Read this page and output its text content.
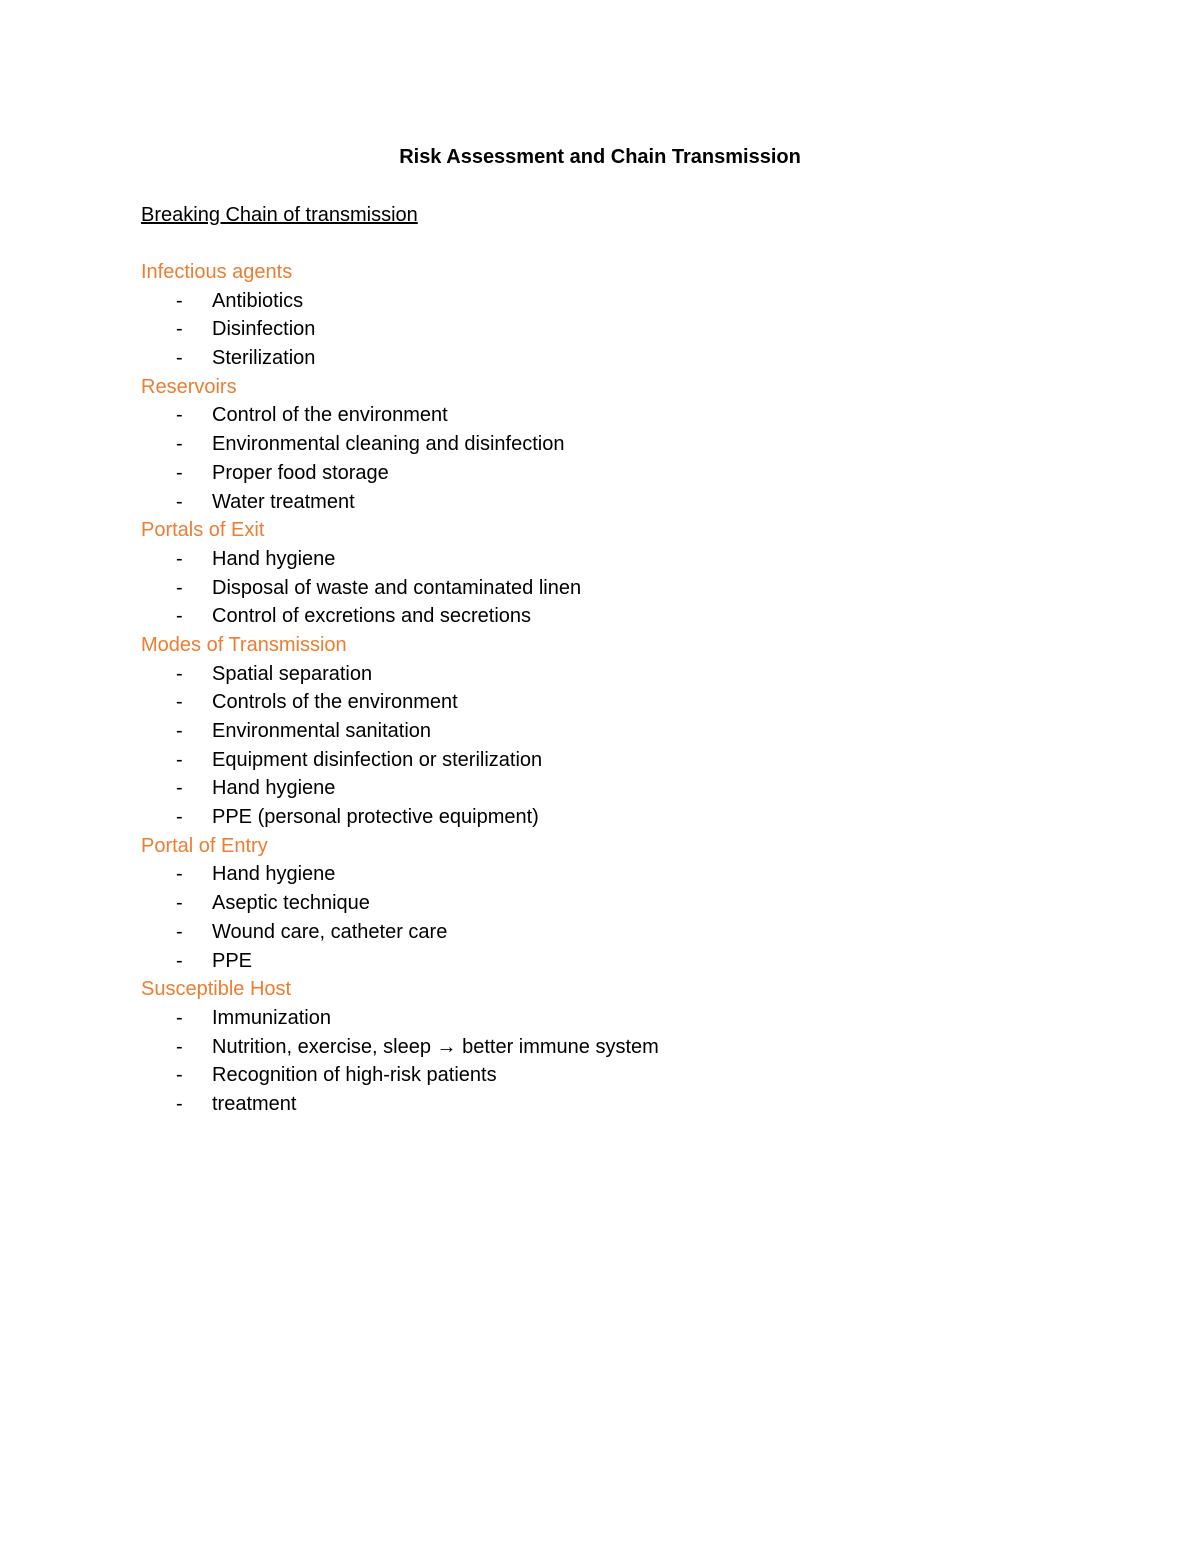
Risk Assessment and Chain Transmission
Breaking Chain of transmission
Infectious agents
- Antibiotics
- Disinfection
- Sterilization
Reservoirs
- Control of the environment
- Environmental cleaning and disinfection
- Proper food storage
- Water treatment
Portals of Exit
- Hand hygiene
- Disposal of waste and contaminated linen
- Control of excretions and secretions
Modes of Transmission
- Spatial separation
- Controls of the environment
- Environmental sanitation
- Equipment disinfection or sterilization
- Hand hygiene
- PPE (personal protective equipment)
Portal of Entry
- Hand hygiene
- Aseptic technique
- Wound care, catheter care
- PPE
Susceptible Host
- Immunization
- Nutrition, exercise, sleep → better immune system
- Recognition of high-risk patients
- treatment
